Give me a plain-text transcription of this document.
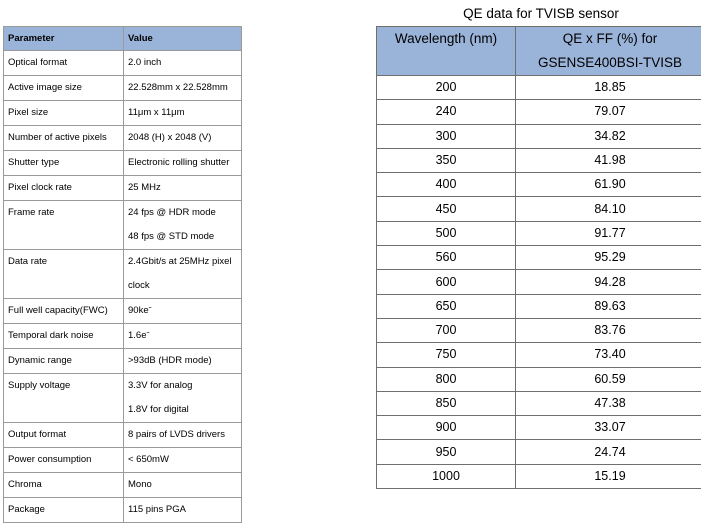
Parameter	Value
Optical format	2.0 inch

Active image size	22.528mm x 22.528mm

Pixel size	11μm x 11μm

Number of active pixels	2048 (H) x 2048 (V)

Shutter type	Electronic rolling shutter

Pixel clock rate	25 MHz

Frame rate	24 fps @ HDR mode
48 fps @ STD mode

Data rate	2.4Gbit/s at 25MHz pixel
clock

Full well capacity(FWC)	90keˉ

Temporal dark noise	1.6eˉ

Dynamic range	>93dB (HDR mode)

Supply voltage	3.3V for analog
1.8V for digital

Output format	8 pairs of LVDS drivers

Power consumption	< 650mW

Chroma	Mono

Package	115 pins PGA
QE data for TVISB sensor
Wavelength (nm)	QE x FF (%) for
GSENSE400BSI-TVISB

200	18.85
240	79.07
300	34.82
350	41.98
400	61.90
450	84.10
500	91.77
560	95.29
600	94.28
650	89.63
700	83.76
750	73.40
800	60.59
850	47.38
900	33.07
950	24.74
1000	15.19
